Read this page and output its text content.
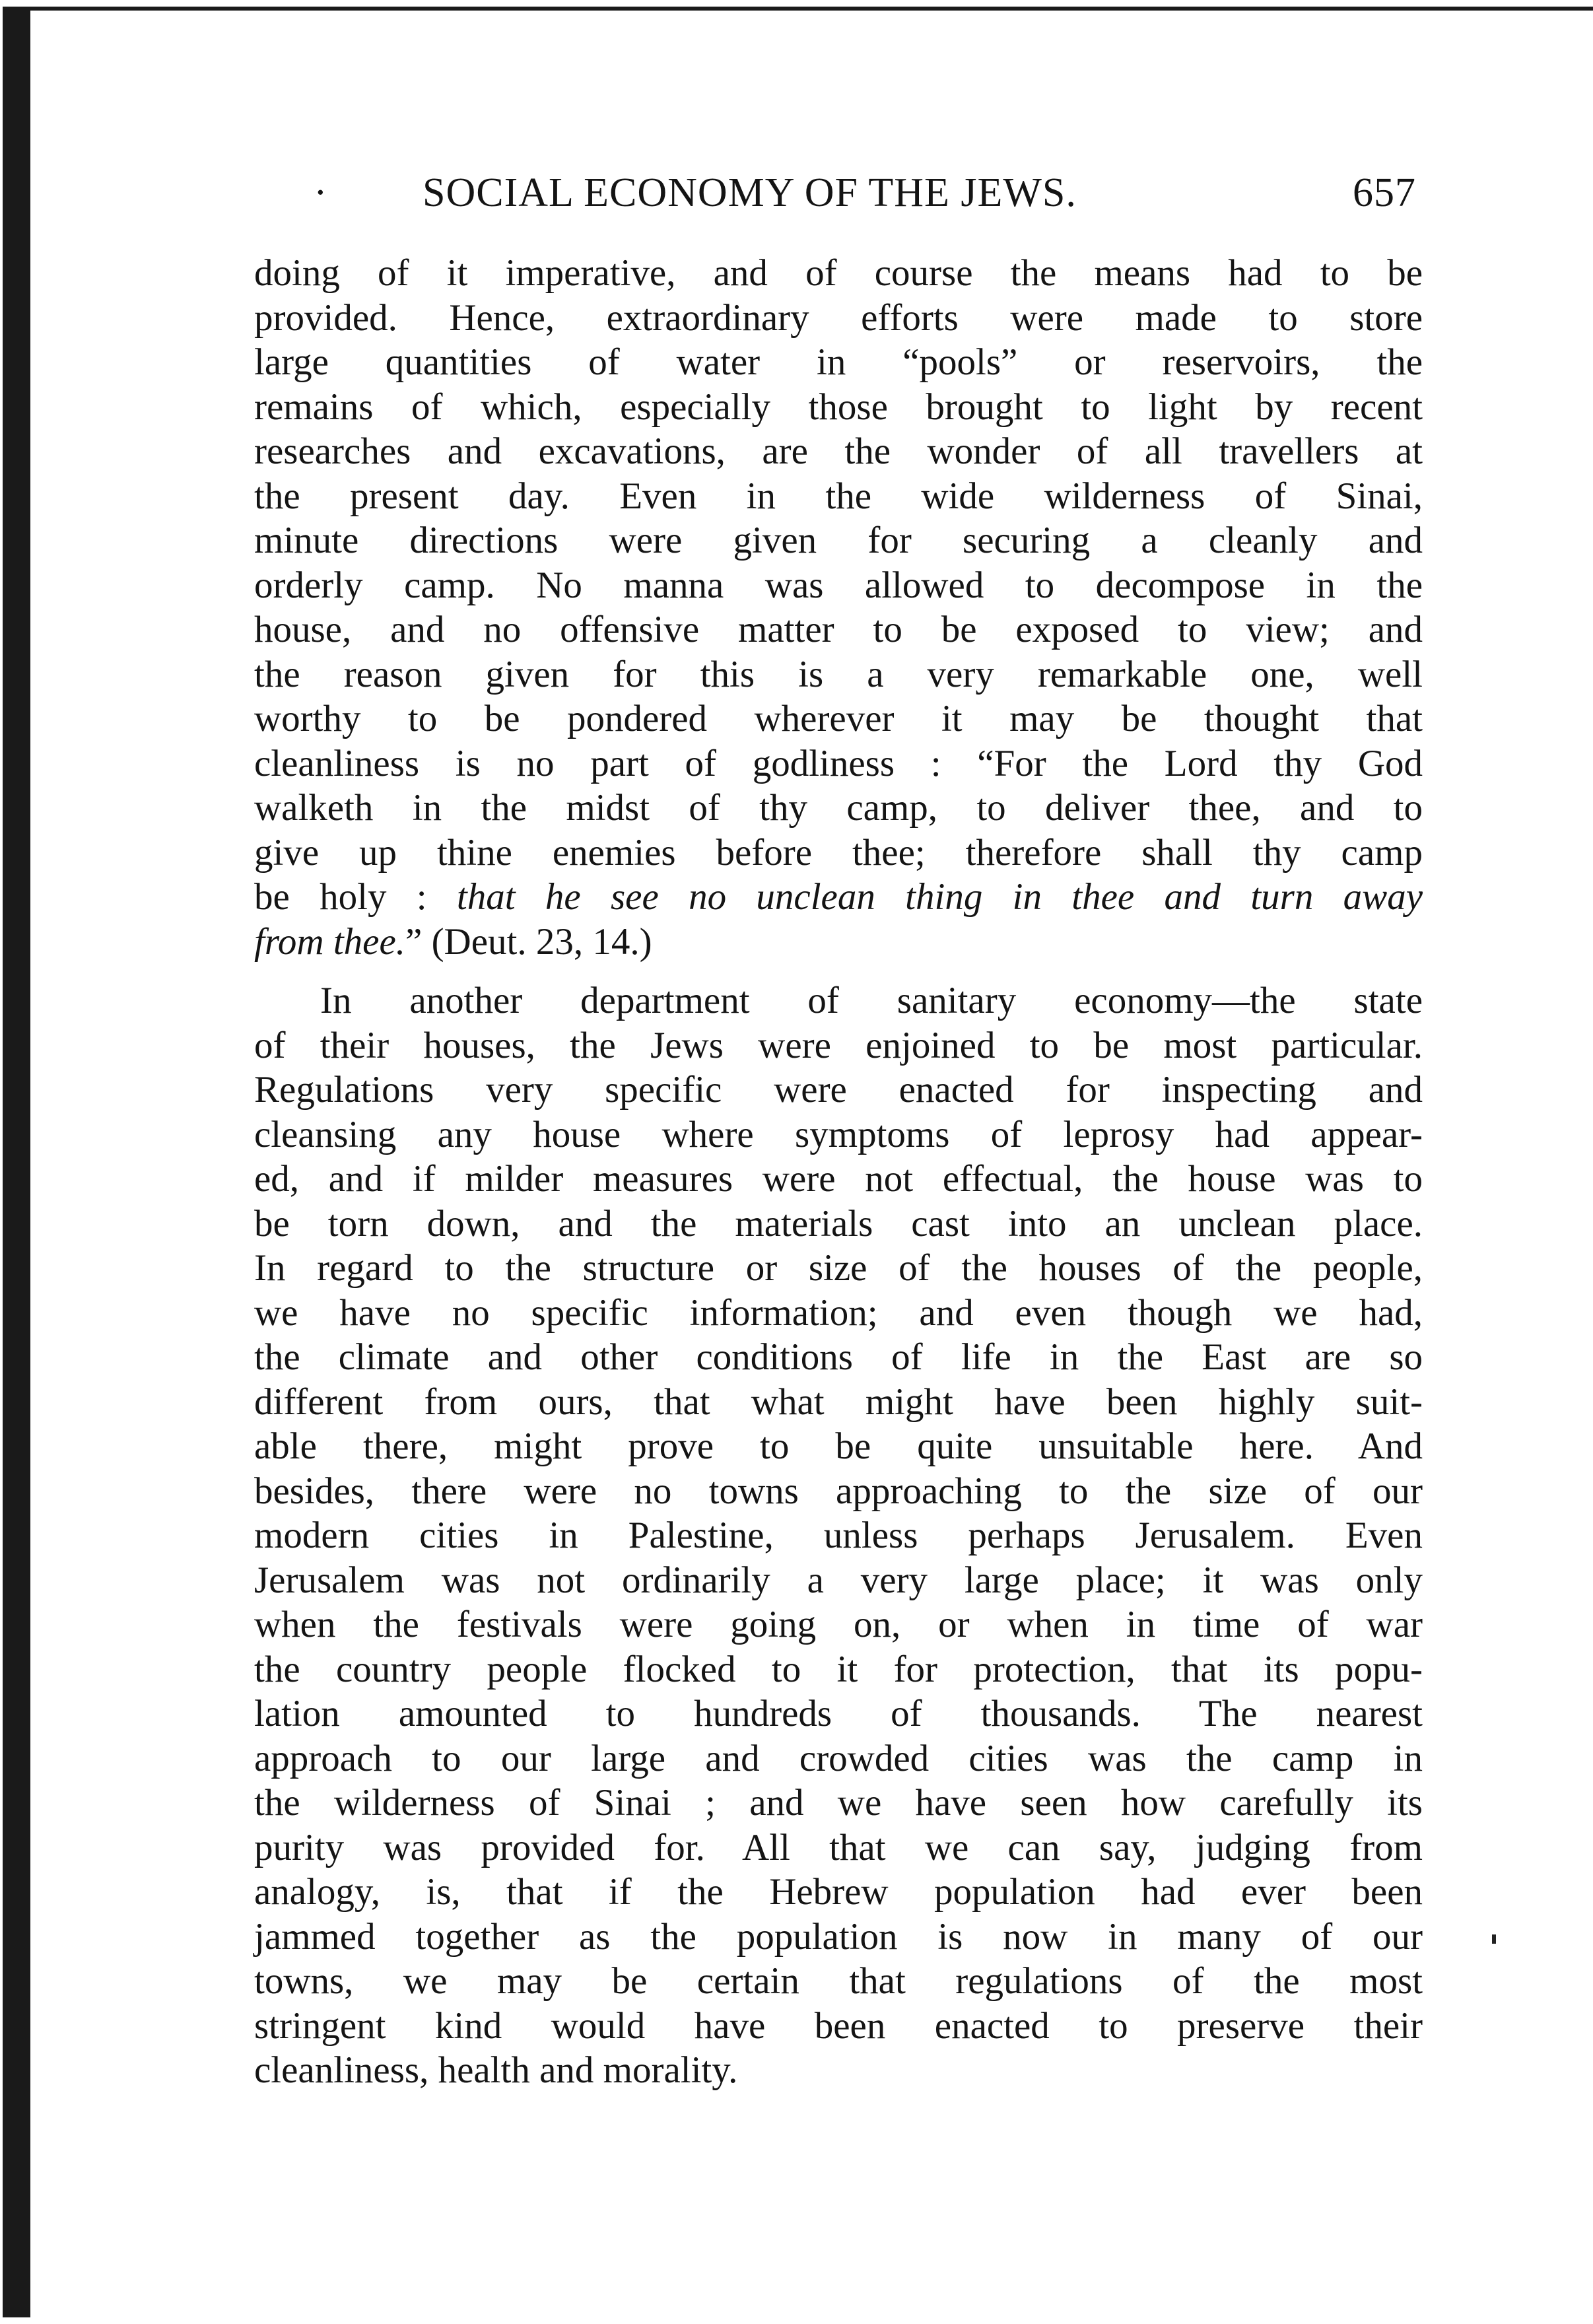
· SOCIAL ECONOMY OF THE JEWS.	657
doing of it imperative, and of course the means had to be
provided. Hence, extraordinary efforts were made to store
large quantities of water in “pools” or reservoirs, the
remains of which, especially those brought to light by recent
researches and excavations, are the wonder of all travellers at
the present day. Even in the wide wilderness of Sinai,
minute directions were given for securing a cleanly and
orderly camp. No manna was allowed to decompose in the
house, and no offensive matter to be exposed to view; and
the reason given for this is a very remarkable one, well
worthy to be pondered wherever it may be thought that
cleanliness is no part of godliness : “For the Lord thy God
walketh in the midst of thy camp, to deliver thee, and to
give up thine enemies before thee; therefore shall thy camp
be holy : that he see no unclean thing in thee and turn away
from thee.” (Deut. 23, 14.)
In another department of sanitary economy—the state
of their houses, the Jews were enjoined to be most particular.
Regulations very specific were enacted for inspecting and
cleansing any house where symptoms of leprosy had appear-
ed, and if milder measures were not effectual, the house was to
be torn down, and the materials cast into an unclean place.
In regard to the structure or size of the houses of the people,
we have no specific information; and even though we had,
the climate and other conditions of life in the East are so
different from ours, that what might have been highly suit-
able there, might prove to be quite unsuitable here. And
besides, there were no towns approaching to the size of our
modern cities in Palestine, unless perhaps Jerusalem. Even
Jerusalem was not ordinarily a very large place; it was only
when the festivals were going on, or when in time of war
the country people flocked to it for protection, that its popu-
lation amounted to hundreds of thousands. The nearest
approach to our large and crowded cities was the camp in
the wilderness of Sinai ; and we have seen how carefully its
purity was provided for. All that we can say, judging from
analogy, is, that if the Hebrew population had ever been
jammed together as the population is now in many of our
towns, we may be certain that regulations of the most
stringent kind would have been enacted to preserve their
cleanliness, health and morality.
